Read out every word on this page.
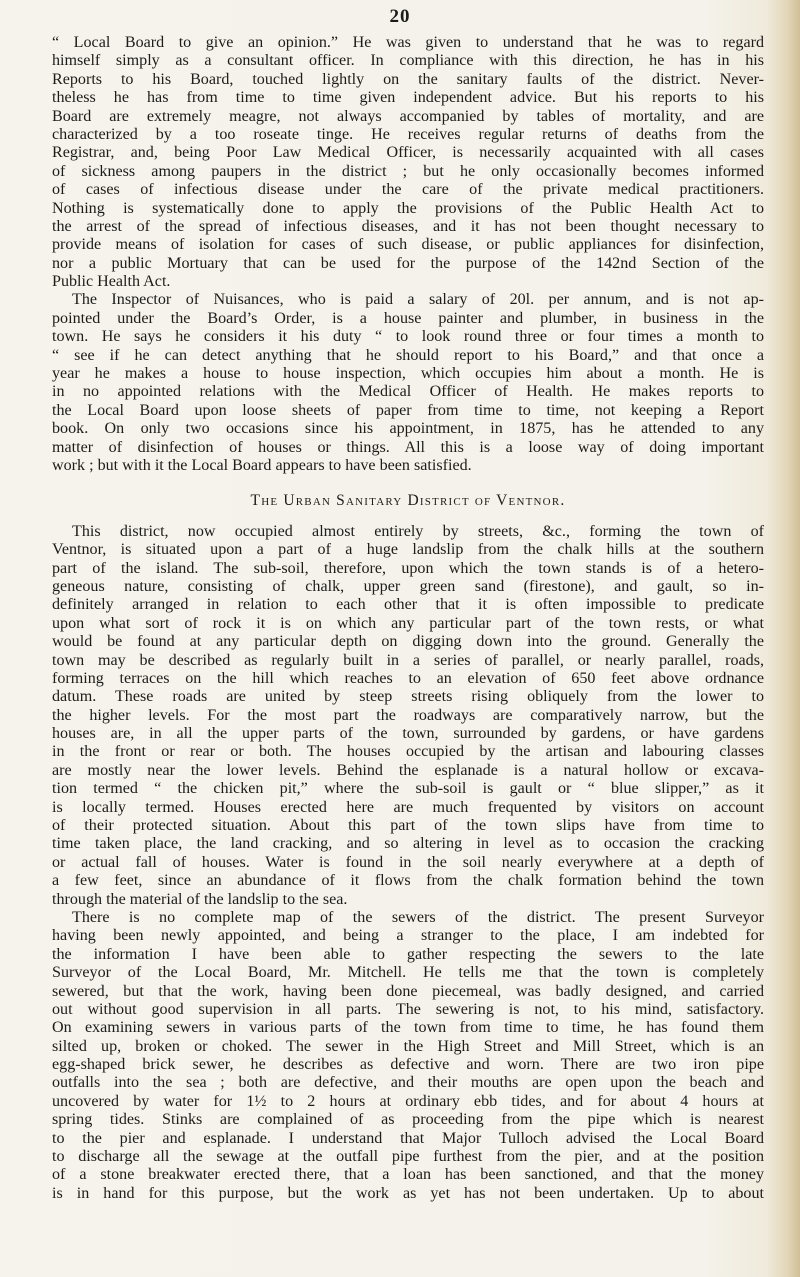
20
“ Local Board to give an opinion.” He was given to understand that he was to regard
himself simply as a consultant officer. In compliance with this direction, he has in his
Reports to his Board, touched lightly on the sanitary faults of the district. Never-
theless he has from time to time given independent advice. But his reports to his
Board are extremely meagre, not always accompanied by tables of mortality, and are
characterized by a too roseate tinge. He receives regular returns of deaths from the
Registrar, and, being Poor Law Medical Officer, is necessarily acquainted with all cases
of sickness among paupers in the district ; but he only occasionally becomes informed
of cases of infectious disease under the care of the private medical practitioners.
Nothing is systematically done to apply the provisions of the Public Health Act to
the arrest of the spread of infectious diseases, and it has not been thought necessary to
provide means of isolation for cases of such disease, or public appliances for disinfection,
nor a public Mortuary that can be used for the purpose of the 142nd Section of the
Public Health Act.
The Inspector of Nuisances, who is paid a salary of 20l. per annum, and is not ap-
pointed under the Board’s Order, is a house painter and plumber, in business in the
town. He says he considers it his duty “ to look round three or four times a month to
“ see if he can detect anything that he should report to his Board,” and that once a
year he makes a house to house inspection, which occupies him about a month. He is
in no appointed relations with the Medical Officer of Health. He makes reports to
the Local Board upon loose sheets of paper from time to time, not keeping a Report
book. On only two occasions since his appointment, in 1875, has he attended to any
matter of disinfection of houses or things. All this is a loose way of doing important
work ; but with it the Local Board appears to have been satisfied.
The Urban Sanitary District of Ventnor.
This district, now occupied almost entirely by streets, &c., forming the town of
Ventnor, is situated upon a part of a huge landslip from the chalk hills at the southern
part of the island. The sub-soil, therefore, upon which the town stands is of a hetero-
geneous nature, consisting of chalk, upper green sand (firestone), and gault, so in-
definitely arranged in relation to each other that it is often impossible to predicate
upon what sort of rock it is on which any particular part of the town rests, or what
would be found at any particular depth on digging down into the ground. Generally the
town may be described as regularly built in a series of parallel, or nearly parallel, roads,
forming terraces on the hill which reaches to an elevation of 650 feet above ordnance
datum. These roads are united by steep streets rising obliquely from the lower to
the higher levels. For the most part the roadways are comparatively narrow, but the
houses are, in all the upper parts of the town, surrounded by gardens, or have gardens
in the front or rear or both. The houses occupied by the artisan and labouring classes
are mostly near the lower levels. Behind the esplanade is a natural hollow or excava-
tion termed “ the chicken pit,” where the sub-soil is gault or “ blue slipper,” as it
is locally termed. Houses erected here are much frequented by visitors on account
of their protected situation. About this part of the town slips have from time to
time taken place, the land cracking, and so altering in level as to occasion the cracking
or actual fall of houses. Water is found in the soil nearly everywhere at a depth of
a few feet, since an abundance of it flows from the chalk formation behind the town
through the material of the landslip to the sea.
There is no complete map of the sewers of the district. The present Surveyor
having been newly appointed, and being a stranger to the place, I am indebted for
the information I have been able to gather respecting the sewers to the late
Surveyor of the Local Board, Mr. Mitchell. He tells me that the town is completely
sewered, but that the work, having been done piecemeal, was badly designed, and carried
out without good supervision in all parts. The sewering is not, to his mind, satisfactory.
On examining sewers in various parts of the town from time to time, he has found them
silted up, broken or choked. The sewer in the High Street and Mill Street, which is an
egg-shaped brick sewer, he describes as defective and worn. There are two iron pipe
outfalls into the sea ; both are defective, and their mouths are open upon the beach and
uncovered by water for 1½ to 2 hours at ordinary ebb tides, and for about 4 hours at
spring tides. Stinks are complained of as proceeding from the pipe which is nearest
to the pier and esplanade. I understand that Major Tulloch advised the Local Board
to discharge all the sewage at the outfall pipe furthest from the pier, and at the position
of a stone breakwater erected there, that a loan has been sanctioned, and that the money
is in hand for this purpose, but the work as yet has not been undertaken. Up to about
